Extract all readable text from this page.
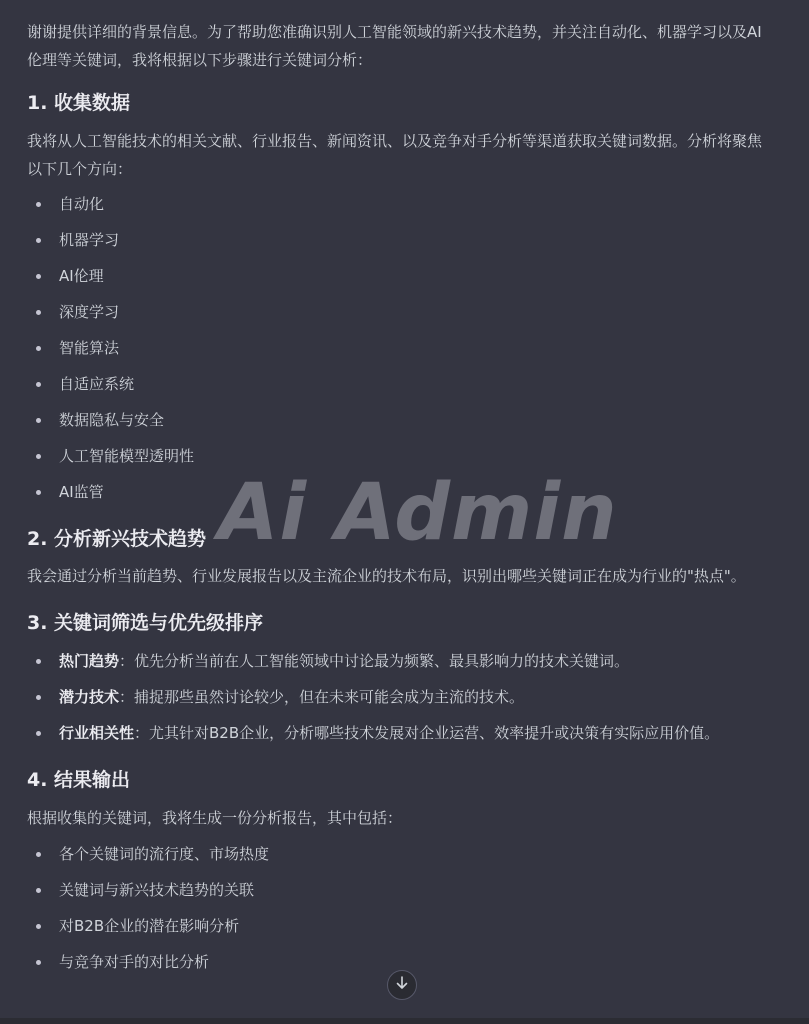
谢谢提供详细的背景信息。为了帮助您准确识别人工智能领域的新兴技术趋势，并关注自动化、机器学习以及AI伦理等关键词，我将根据以下步骤进行关键词分析：

1. 收集数据

我将从人工智能技术的相关文献、行业报告、新闻资讯、以及竞争对手分析等渠道获取关键词数据。分析将聚焦以下几个方向：

自动化
机器学习
AI伦理
深度学习
智能算法
自适应系统
数据隐私与安全
人工智能模型透明性
AI监管
2. 分析新兴技术趋势

我会通过分析当前趋势、行业发展报告以及主流企业的技术布局，识别出哪些关键词正在成为行业的"热点"。

3. 关键词筛选与优先级排序
热门趋势：优先分析当前在人工智能领域中讨论最为频繁、最具影响力的技术关键词。
潜力技术：捕捉那些虽然讨论较少，但在未来可能会成为主流的技术。
行业相关性：尤其针对B2B企业，分析哪些技术发展对企业运营、效率提升或决策有实际应用价值。
4. 结果输出

根据收集的关键词，我将生成一份分析报告，其中包括：

各个关键词的流行度、市场热度
关键词与新兴技术趋势的关联
对B2B企业的潜在影响分析
与竞争对手的对比分析
Ai Admin
